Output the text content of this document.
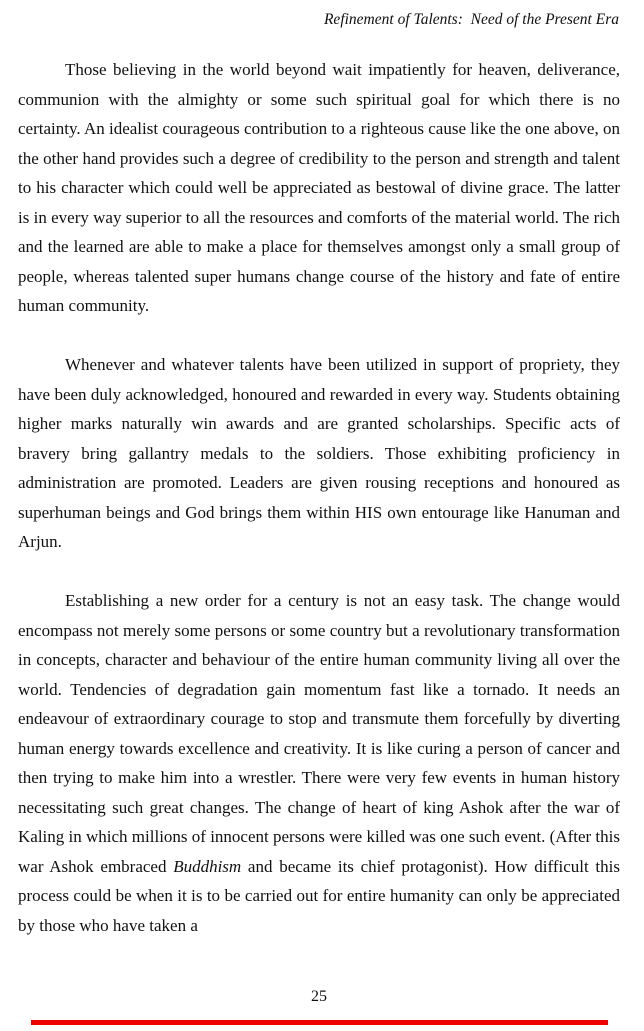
Refinement of Talents:  Need of the Present Era

Those believing in the world beyond wait impatiently for heaven, deliverance, communion with the almighty or some such spiritual goal for which there is no certainty. An idealist courageous contribution to a righteous cause like the one above, on the other hand provides such a degree of credibility to the person and strength and talent to his character which could well be appreciated as bestowal of divine grace. The latter is in every way superior to all the resources and comforts of the material world. The rich and the learned are able to make a place for themselves amongst only a small group of people, whereas talented super humans change course of the history and fate of entire human community.

Whenever and whatever talents have been utilized in support of propriety, they have been duly acknowledged, honoured and rewarded in every way. Students obtaining higher marks naturally win awards and are granted scholarships. Specific acts of bravery bring gallantry medals to the soldiers. Those exhibiting proficiency in administration are promoted. Leaders are given rousing receptions and honoured as superhuman beings and God brings them within HIS own entourage like Hanuman and Arjun.

Establishing a new order for a century is not an easy task. The change would encompass not merely some persons or some country but a revolutionary transformation in concepts, character and behaviour of the entire human community living all over the world. Tendencies of degradation gain momentum fast like a tornado. It needs an endeavour of extraordinary courage to stop and transmute them forcefully by diverting human energy towards excellence and creativity. It is like curing a person of cancer and then trying to make him into a wrestler. There were very few events in human history necessitating such great changes. The change of heart of king Ashok after the war of Kaling in which millions of innocent persons were killed was one such event. (After this war Ashok embraced Buddhism and became its chief protagonist). How difficult this process could be when it is to be carried out for entire humanity can only be appreciated by those who have taken a

25
